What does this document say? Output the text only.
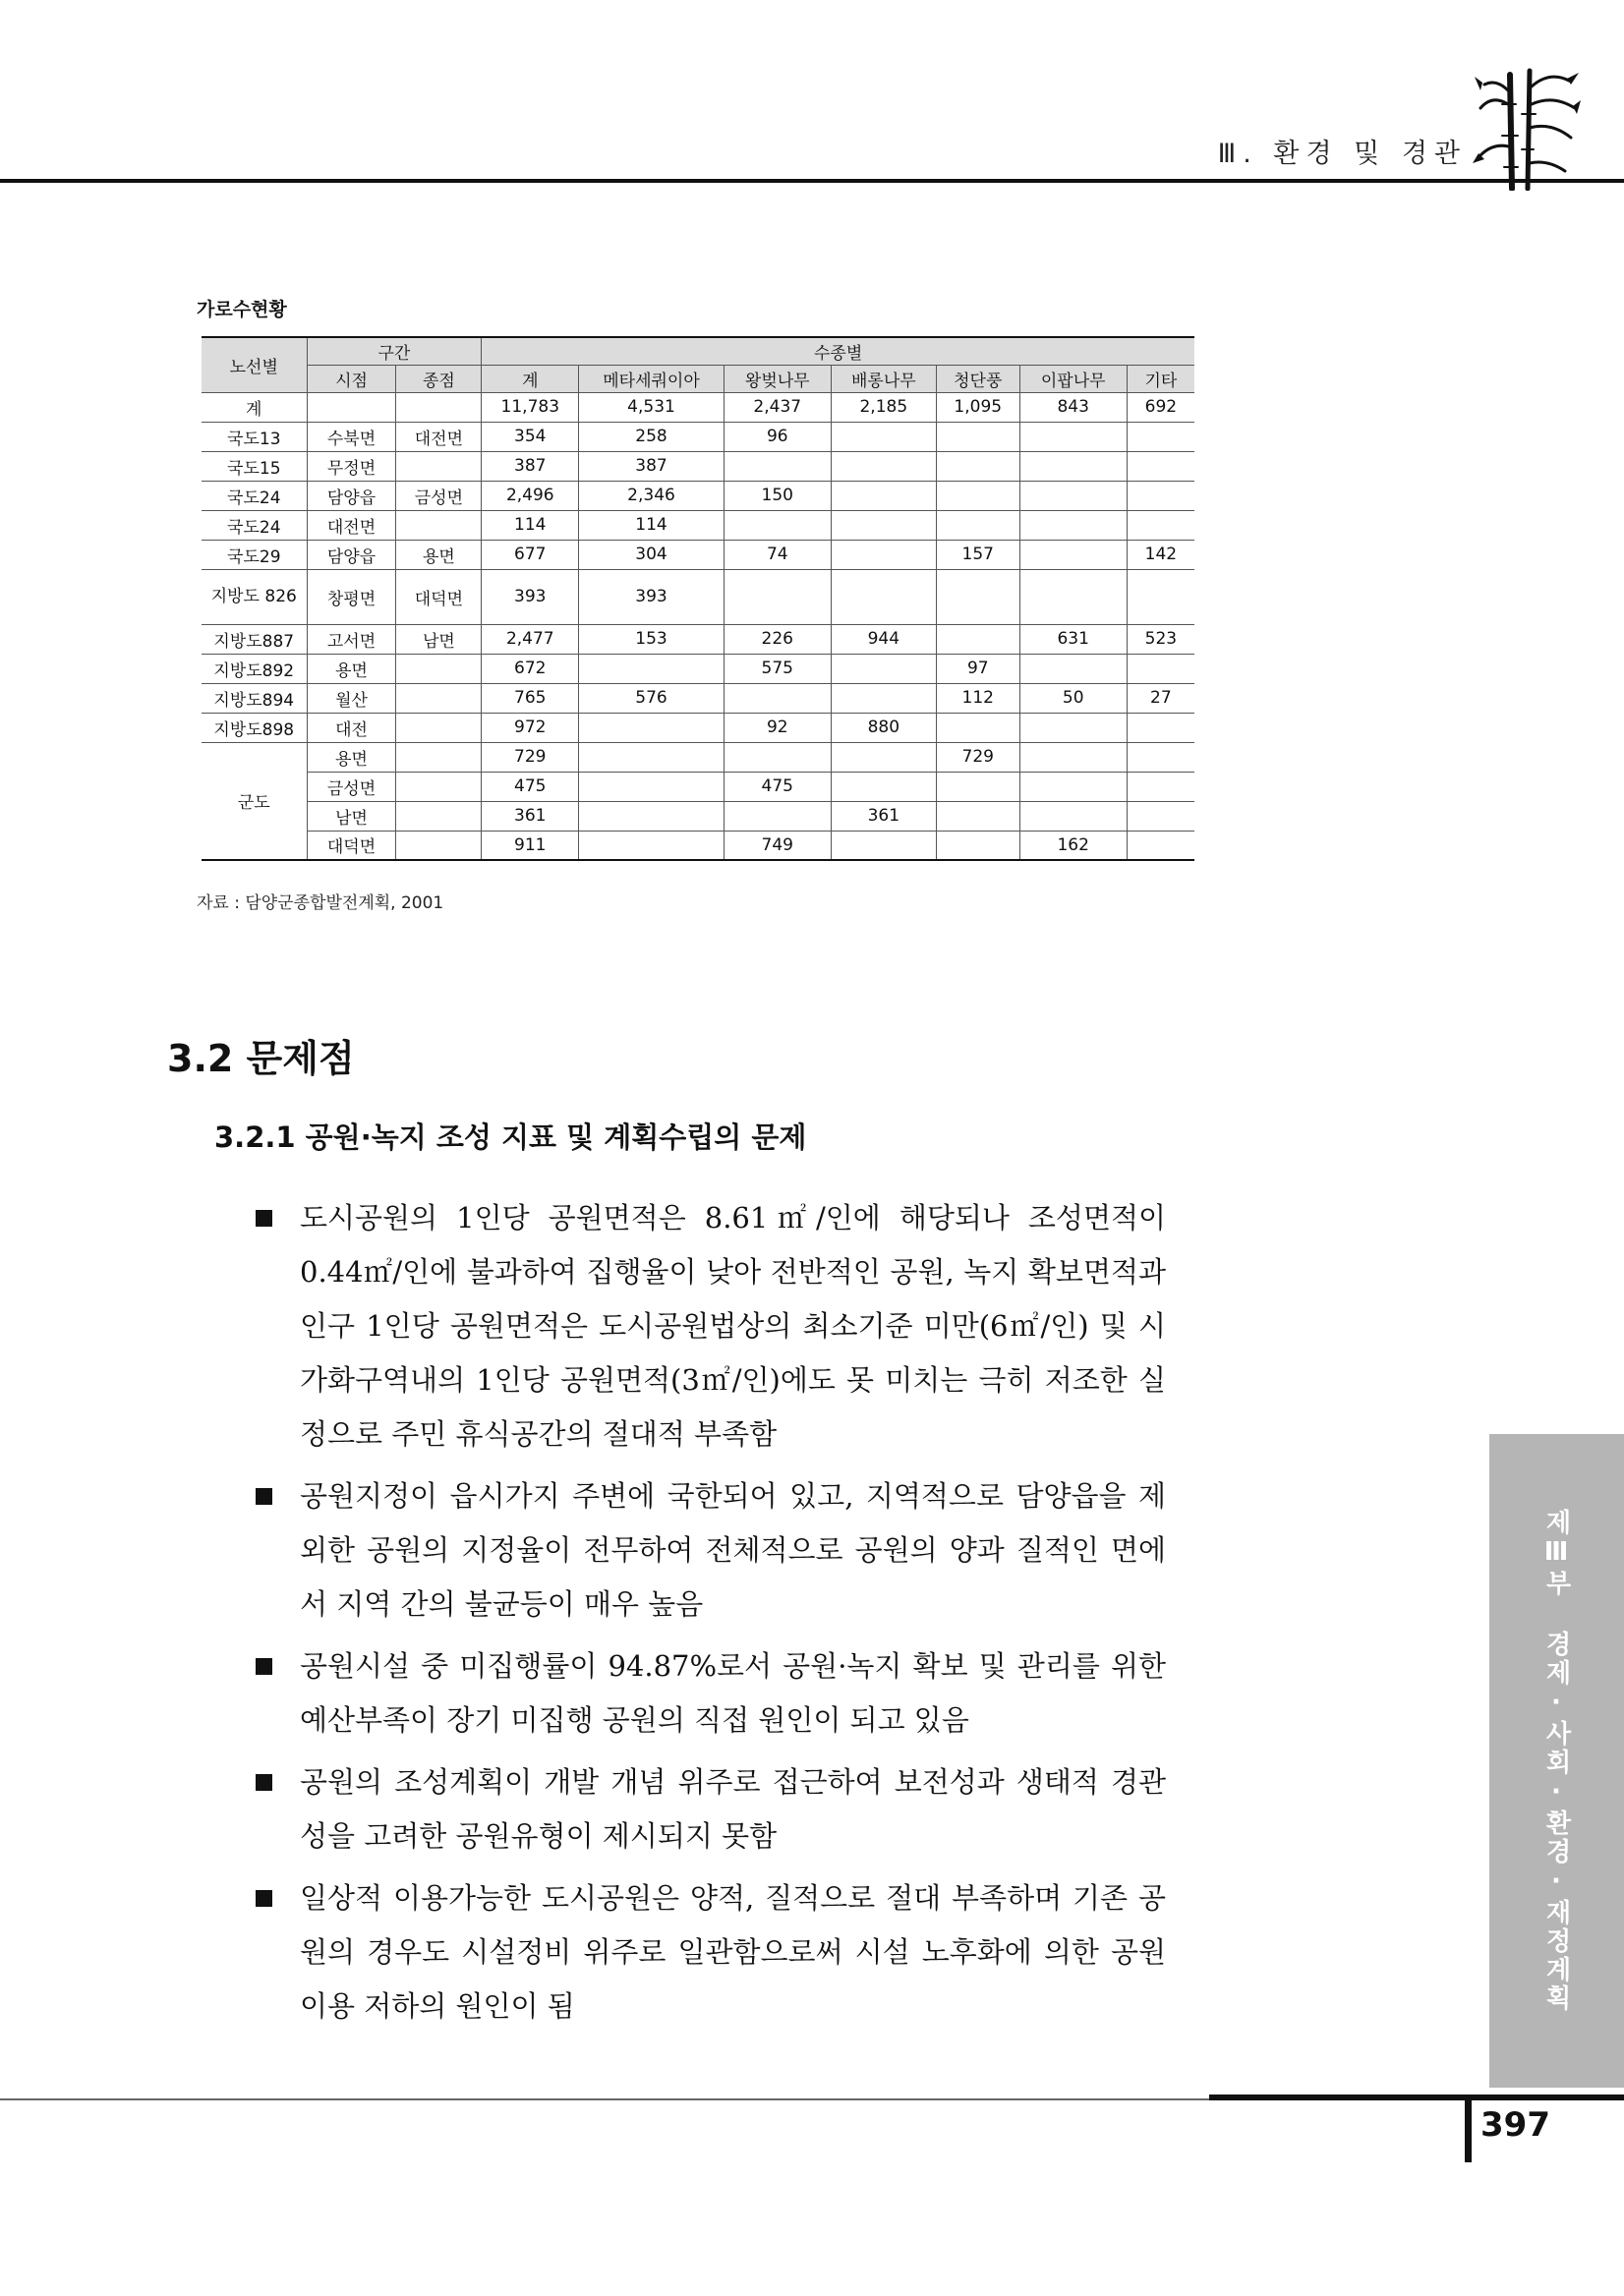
Ⅲ. 환경 및 경관
가로수현황
노선별	구간		수종별						
	시점	종점	계	메타세쿼이아	왕벚나무	배롱나무	청단풍	이팝나무	기타
계			11,783	4,531	2,437	2,185	1,095	843	692
국도13	수북면	대전면	354	258	96				
국도15	무정면		387	387					
국도24	담양읍	금성면	2,496	2,346	150				
국도24	대전면		114	114					
국도29	담양읍	용면	677	304	74		157		142
지방도 826	창평면	대덕면	393	393					
지방도887	고서면	남면	2,477	153	226	944		631	523
지방도892	용면		672		575		97		
지방도894	월산		765	576			112	50	27
지방도898	대전		972		92	880			
군도	용면		729				729		
	금성면		475		475				
	남면		361			361			
	대덕면		911		749			162	
자료 : 담양군종합발전계획, 2001
3.2 문제점
3.2.1 공원·녹지 조성 지표 및 계획수립의 문제
도시공원의 1인당 공원면적은 8.61㎡/인에 해당되나 조성면적이 0.44㎡/인에 불과하여 집행율이 낮아 전반적인 공원, 녹지 확보면적과 인구 1인당 공원면적은 도시공원법상의 최소기준 미만(6㎡/인) 및 시가화구역내의 1인당 공원면적(3㎡/인)에도 못 미치는 극히 저조한 실정으로 주민 휴식공간의 절대적 부족함
공원지정이 읍시가지 주변에 국한되어 있고, 지역적으로 담양읍을 제외한 공원의 지정율이 전무하여 전체적으로 공원의 양과 질적인 면에서 지역 간의 불균등이 매우 높음
공원시설 중 미집행률이 94.87%로서 공원·녹지 확보 및 관리를 위한 예산부족이 장기 미집행 공원의 직접 원인이 되고 있음
공원의 조성계획이 개발 개념 위주로 접근하여 보전성과 생태적 경관성을 고려한 공원유형이 제시되지 못함
일상적 이용가능한 도시공원은 양적, 질적으로 절대 부족하며 기존 공원의 경우도 시설정비 위주로 일관함으로써 시설 노후화에 의한 공원이용 저하의 원인이 됨	제Ⅲ부 경제·사회·환경·재정계획
397
